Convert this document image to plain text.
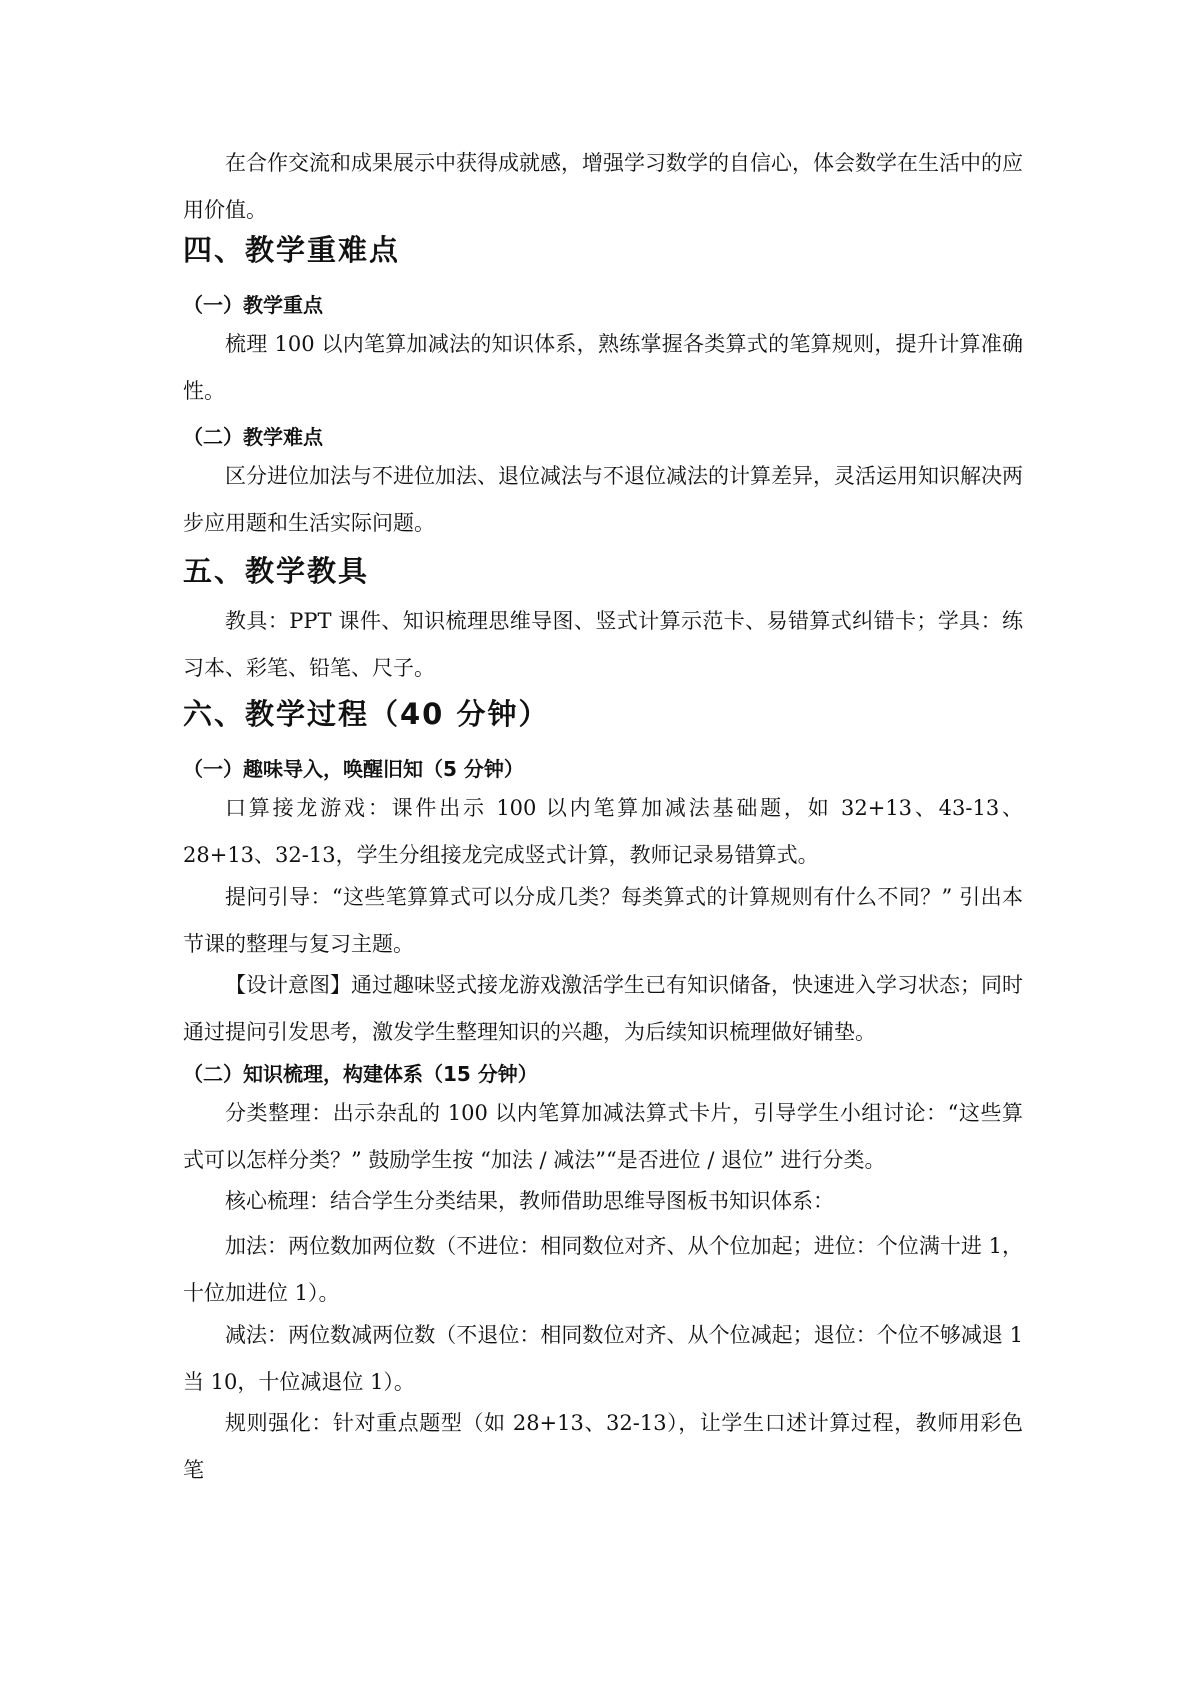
在合作交流和成果展示中获得成就感，增强学习数学的自信心，体会数学在生活中的应用价值。

四、教学重难点
（一）教学重点

梳理 100 以内笔算加减法的知识体系，熟练掌握各类算式的笔算规则，提升计算准确性。

（二）教学难点

区分进位加法与不进位加法、退位减法与不退位减法的计算差异，灵活运用知识解决两步应用题和生活实际问题。

五、教学教具

教具：PPT 课件、知识梳理思维导图、竖式计算示范卡、易错算式纠错卡；学具：练习本、彩笔、铅笔、尺子。

六、教学过程（40 分钟）
（一）趣味导入，唤醒旧知（5 分钟）

口算接龙游戏：课件出示 100 以内笔算加减法基础题，如 32+13、43-13、28+13、32-13，学生分组接龙完成竖式计算，教师记录易错算式。

提问引导：“这些笔算算式可以分成几类？每类算式的计算规则有什么不同？” 引出本节课的整理与复习主题。

【设计意图】通过趣味竖式接龙游戏激活学生已有知识储备，快速进入学习状态；同时通过提问引发思考，激发学生整理知识的兴趣，为后续知识梳理做好铺垫。

（二）知识梳理，构建体系（15 分钟）

分类整理：出示杂乱的 100 以内笔算加减法算式卡片，引导学生小组讨论：“这些算式可以怎样分类？” 鼓励学生按 “加法 / 减法”“是否进位 / 退位” 进行分类。

核心梳理：结合学生分类结果，教师借助思维导图板书知识体系：

加法：两位数加两位数（不进位：相同数位对齐、从个位加起；进位：个位满十进 1，十位加进位 1）。

减法：两位数减两位数（不退位：相同数位对齐、从个位减起；退位：个位不够减退 1 当 10，十位减退位 1）。

规则强化：针对重点题型（如 28+13、32-13），让学生口述计算过程，教师用彩色笔
